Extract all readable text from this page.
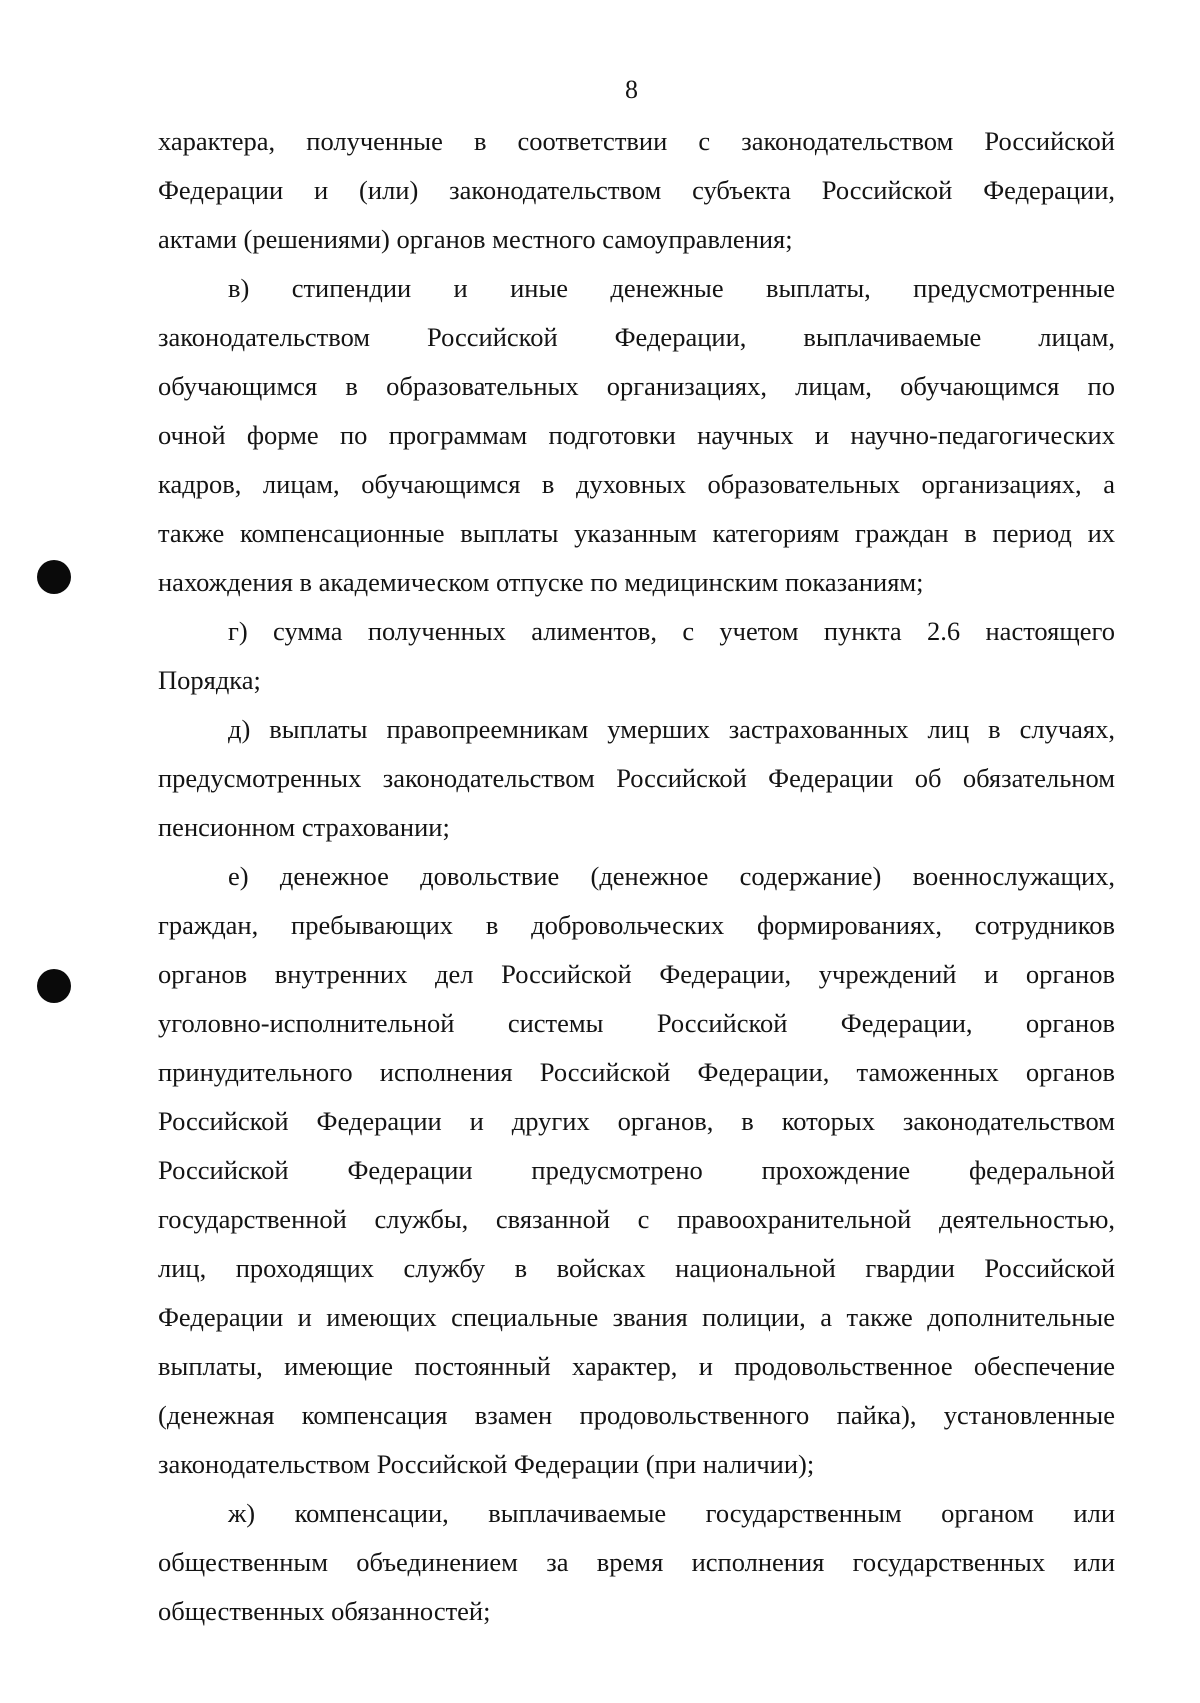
8
характера, полученные в соответствии с законодательством Российской
Федерации и (или) законодательством субъекта Российской Федерации,
актами (решениями) органов местного самоуправления;
в) стипендии и иные денежные выплаты, предусмотренные
законодательством Российской Федерации, выплачиваемые лицам,
обучающимся в образовательных организациях, лицам, обучающимся по
очной форме по программам подготовки научных и научно-педагогических
кадров, лицам, обучающимся в духовных образовательных организациях, а
также компенсационные выплаты указанным категориям граждан в период их
нахождения в академическом отпуске по медицинским показаниям;
г) сумма полученных алиментов, с учетом пункта 2.6 настоящего
Порядка;
д) выплаты правопреемникам умерших застрахованных лиц в случаях,
предусмотренных законодательством Российской Федерации об обязательном
пенсионном страховании;
е) денежное довольствие (денежное содержание) военнослужащих,
граждан, пребывающих в добровольческих формированиях, сотрудников
органов внутренних дел Российской Федерации, учреждений и органов
уголовно-исполнительной системы Российской Федерации, органов
принудительного исполнения Российской Федерации, таможенных органов
Российской Федерации и других органов, в которых законодательством
Российской Федерации предусмотрено прохождение федеральной
государственной службы, связанной с правоохранительной деятельностью,
лиц, проходящих службу в войсках национальной гвардии Российской
Федерации и имеющих специальные звания полиции, а также дополнительные
выплаты, имеющие постоянный характер, и продовольственное обеспечение
(денежная компенсация взамен продовольственного пайка), установленные
законодательством Российской Федерации (при наличии);
ж) компенсации, выплачиваемые государственным органом или
общественным объединением за время исполнения государственных или
общественных обязанностей;
